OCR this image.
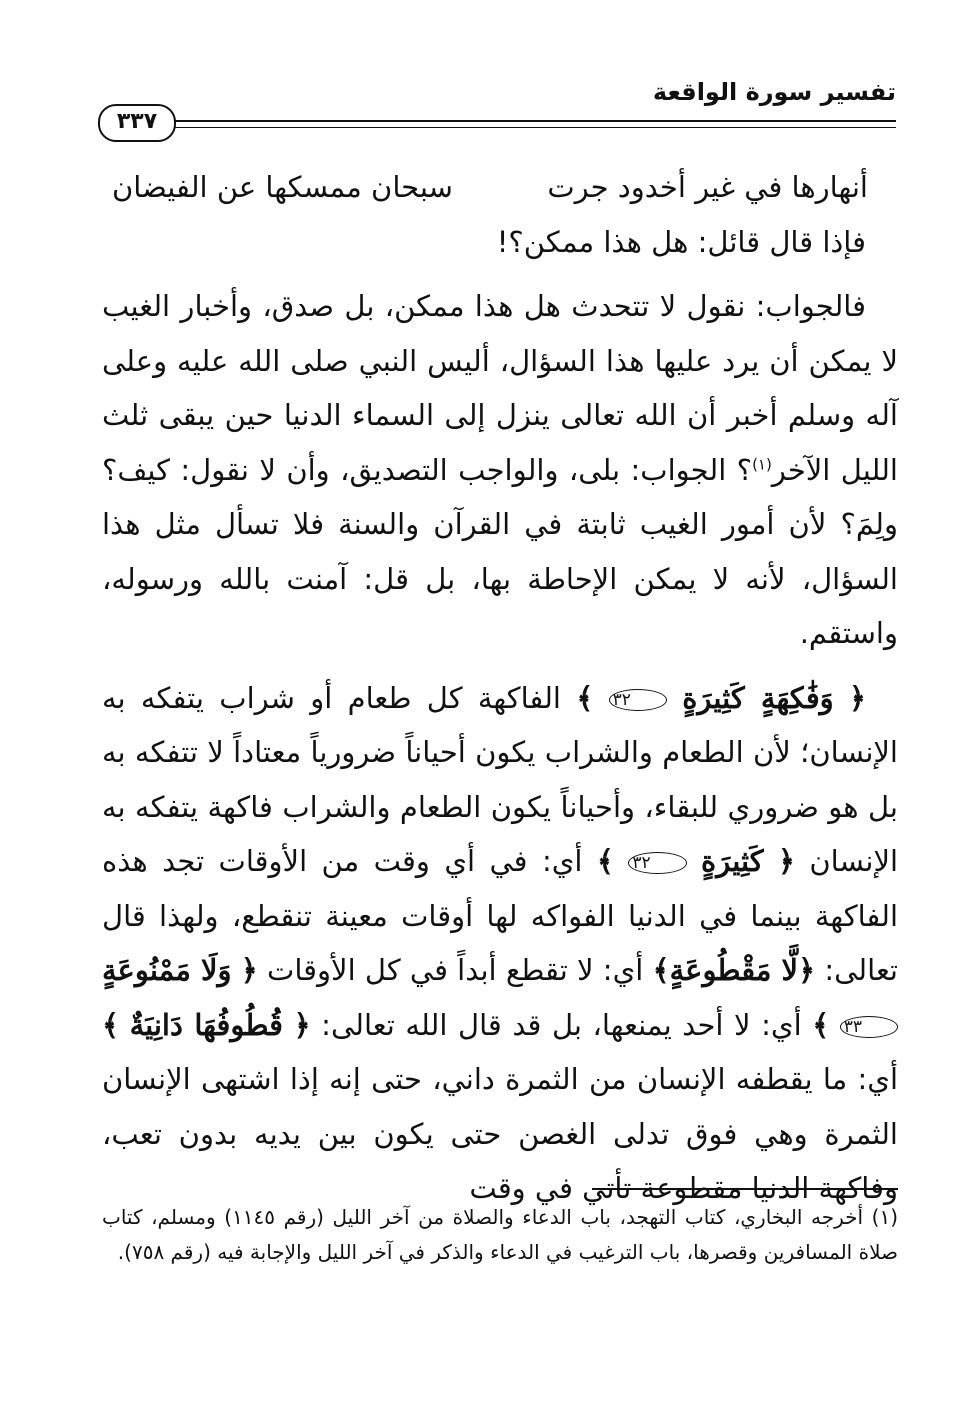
تفسير سورة الواقعة
٣٣٧
أنهارها في غير أخدود جرت
سبحان ممسكها عن الفيضان

فإذا قال قائل: هل هذا ممكن؟!

فالجواب: نقول لا تتحدث هل هذا ممكن، بل صدق، وأخبار الغيب لا يمكن أن يرد عليها هذا السؤال، أليس النبي صلى الله عليه وعلى آله وسلم أخبر أن الله تعالى ينزل إلى السماء الدنيا حين يبقى ثلث الليل الآخر$^{(١)}$؟ الجواب: بلى، والواجب التصديق، وأن لا نقول: كيف؟ ولِمَ؟ لأن أمور الغيب ثابتة في القرآن والسنة فلا تسأل مثل هذا السؤال، لأنه لا يمكن الإحاطة بها، بل قل: آمنت بالله ورسوله، واستقم.

﴿ وَفَٰكِهَةٍ كَثِيرَةٍ ٣٢ ﴾ الفاكهة كل طعام أو شراب يتفكه به الإنسان؛ لأن الطعام والشراب يكون أحياناً ضرورياً معتاداً لا تتفكه به بل هو ضروري للبقاء، وأحياناً يكون الطعام والشراب فاكهة يتفكه به الإنسان ﴿ كَثِيرَةٍ ٣٢ ﴾ أي: في أي وقت من الأوقات تجد هذه الفاكهة بينما في الدنيا الفواكه لها أوقات معينة تنقطع، ولهذا قال تعالى: ﴿لَّا مَقْطُوعَةٍ﴾ أي: لا تقطع أبداً في كل الأوقات ﴿ وَلَا مَمْنُوعَةٍ ٣٣ ﴾ أي: لا أحد يمنعها، بل قد قال الله تعالى: ﴿ قُطُوفُهَا دَانِيَةٌ ﴾ أي: ما يقطفه الإنسان من الثمرة داني، حتى إنه إذا اشتهى الإنسان الثمرة وهي فوق تدلى الغصن حتى يكون بين يديه بدون تعب، وفاكهة الدنيا مقطوعة تأتي في وقت

(١) أخرجه البخاري، كتاب التهجد، باب الدعاء والصلاة من آخر الليل (رقم ١١٤٥) ومسلم، كتاب صلاة المسافرين وقصرها، باب الترغيب في الدعاء والذكر في آخر الليل والإجابة فيه (رقم ٧٥٨).
